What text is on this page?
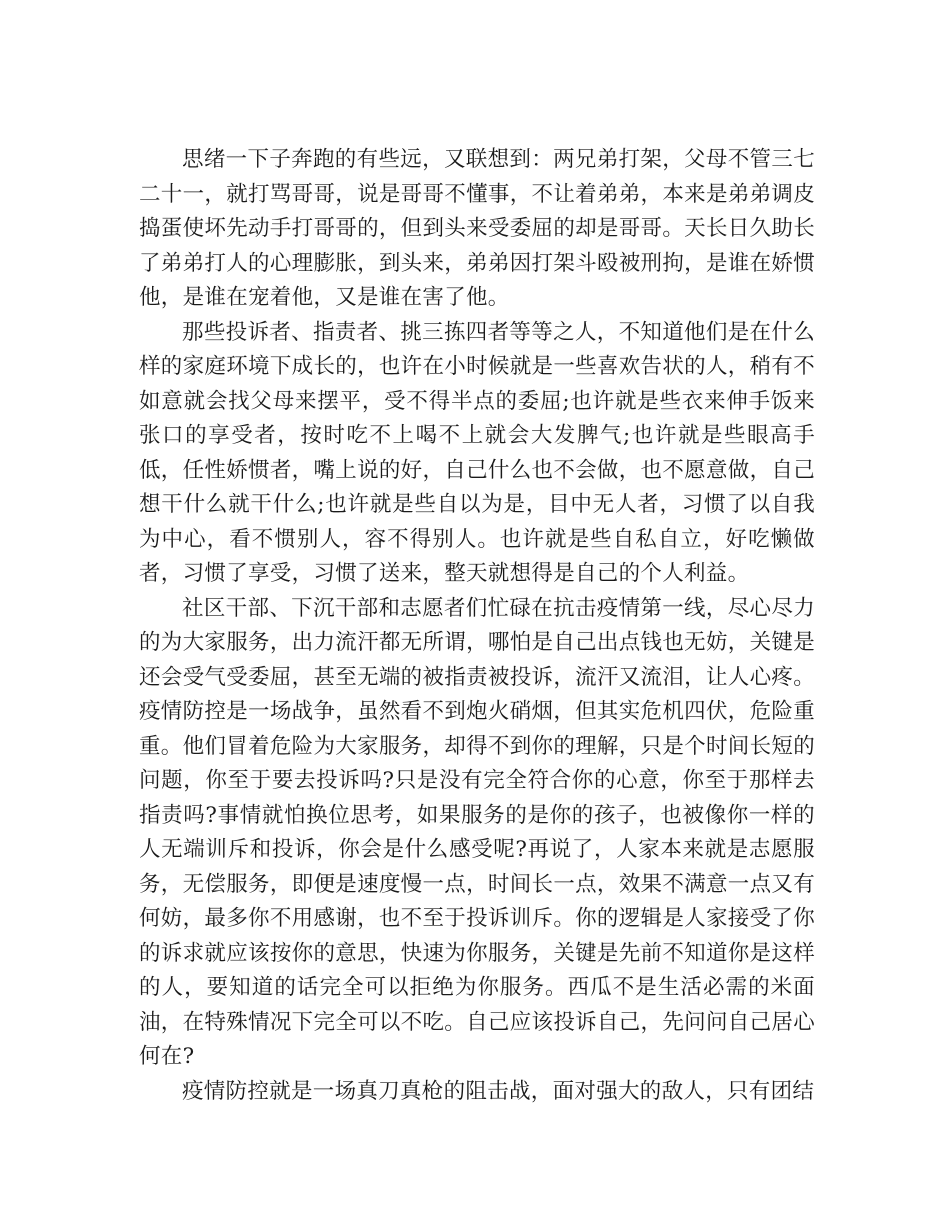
思绪一下子奔跑的有些远，又联想到：两兄弟打架，父母不管三七二十一，就打骂哥哥，说是哥哥不懂事，不让着弟弟，本来是弟弟调皮捣蛋使坏先动手打哥哥的，但到头来受委屈的却是哥哥。天长日久助长了弟弟打人的心理膨胀，到头来，弟弟因打架斗殴被刑拘，是谁在娇惯他，是谁在宠着他，又是谁在害了他。

那些投诉者、指责者、挑三拣四者等等之人，不知道他们是在什么样的家庭环境下成长的，也许在小时候就是一些喜欢告状的人，稍有不如意就会找父母来摆平，受不得半点的委屈;也许就是些衣来伸手饭来张口的享受者，按时吃不上喝不上就会大发脾气;也许就是些眼高手低，任性娇惯者，嘴上说的好，自己什么也不会做，也不愿意做，自己想干什么就干什么;也许就是些自以为是，目中无人者，习惯了以自我为中心，看不惯别人，容不得别人。也许就是些自私自立，好吃懒做者，习惯了享受，习惯了送来，整天就想得是自己的个人利益。

社区干部、下沉干部和志愿者们忙碌在抗击疫情第一线，尽心尽力的为大家服务，出力流汗都无所谓，哪怕是自己出点钱也无妨，关键是还会受气受委屈，甚至无端的被指责被投诉，流汗又流泪，让人心疼。疫情防控是一场战争，虽然看不到炮火硝烟，但其实危机四伏，危险重重。他们冒着危险为大家服务，却得不到你的理解，只是个时间长短的问题，你至于要去投诉吗?只是没有完全符合你的心意，你至于那样去指责吗?事情就怕换位思考，如果服务的是你的孩子，也被像你一样的人无端训斥和投诉，你会是什么感受呢?再说了，人家本来就是志愿服务，无偿服务，即便是速度慢一点，时间长一点，效果不满意一点又有何妨，最多你不用感谢，也不至于投诉训斥。你的逻辑是人家接受了你的诉求就应该按你的意思，快速为你服务，关键是先前不知道你是这样的人，要知道的话完全可以拒绝为你服务。西瓜不是生活必需的米面油，在特殊情况下完全可以不吃。自己应该投诉自己，先问问自己居心何在?

疫情防控就是一场真刀真枪的阻击战，面对强大的敌人，只有团结
